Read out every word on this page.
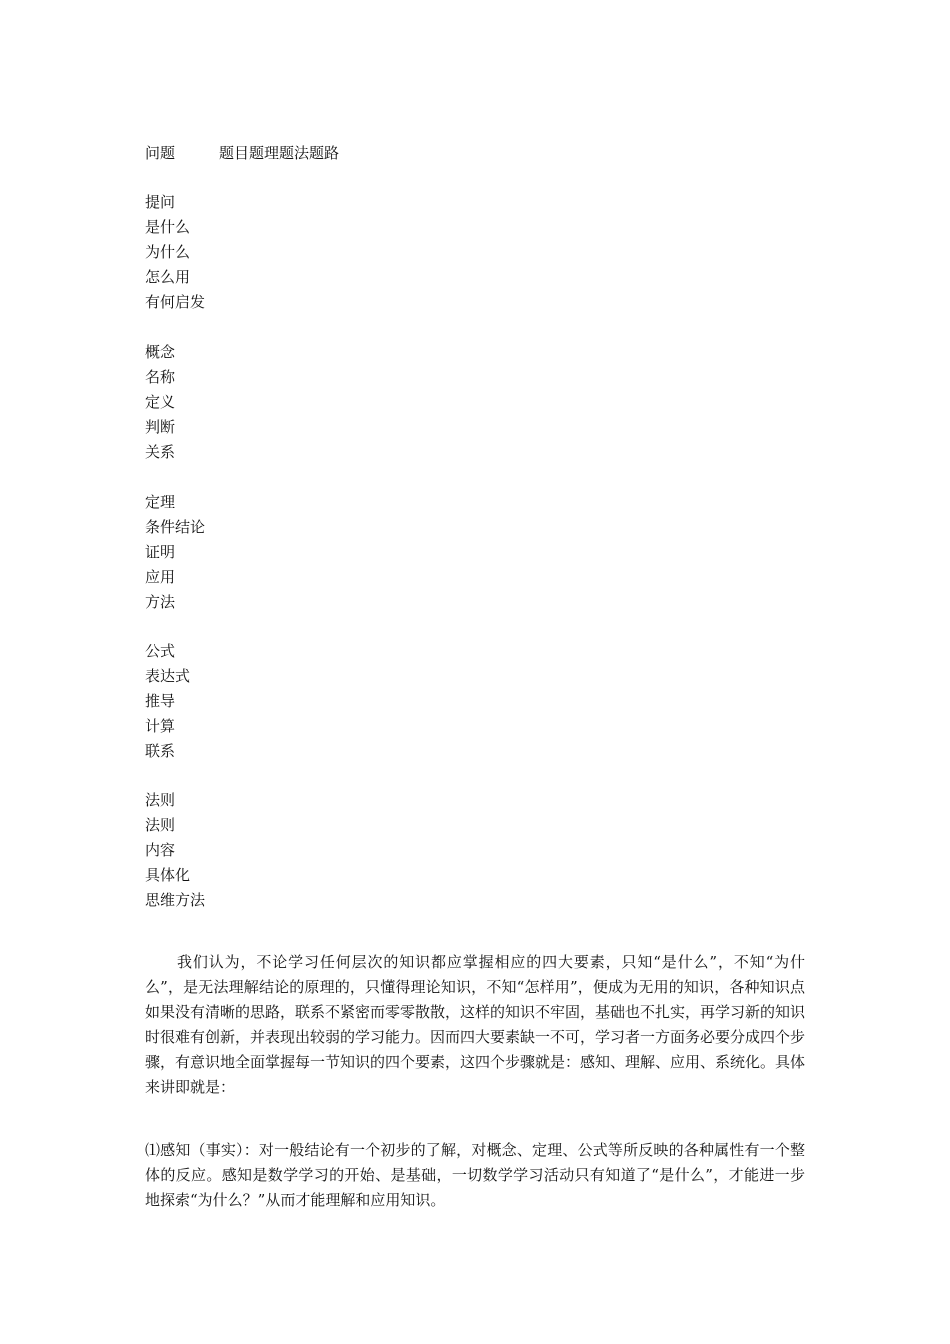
问题	题目题理题法题路
提问
是什么
为什么
怎么用
有何启发
概念
名称
定义
判断
关系
定理
条件结论
证明
应用
方法
公式
表达式
推导
计算
联系
法则
法则
内容
具体化
思维方法

我们认为，不论学习任何层次的知识都应掌握相应的四大要素，只知“是什么”，不知“为什么”，是无法理解结论的原理的，只懂得理论知识，不知“怎样用”，便成为无用的知识，各种知识点如果没有清晰的思路，联系不紧密而零零散散，这样的知识不牢固，基础也不扎实，再学习新的知识时很难有创新，并表现出较弱的学习能力。因而四大要素缺一不可，学习者一方面务必要分成四个步骤，有意识地全面掌握每一节知识的四个要素，这四个步骤就是：感知、理解、应用、系统化。具体来讲即就是：

⑴感知（事实）：对一般结论有一个初步的了解，对概念、定理、公式等所反映的各种属性有一个整体的反应。感知是数学学习的开始、是基础，一切数学学习活动只有知道了“是什么”，才能进一步地探索“为什么？”从而才能理解和应用知识。
